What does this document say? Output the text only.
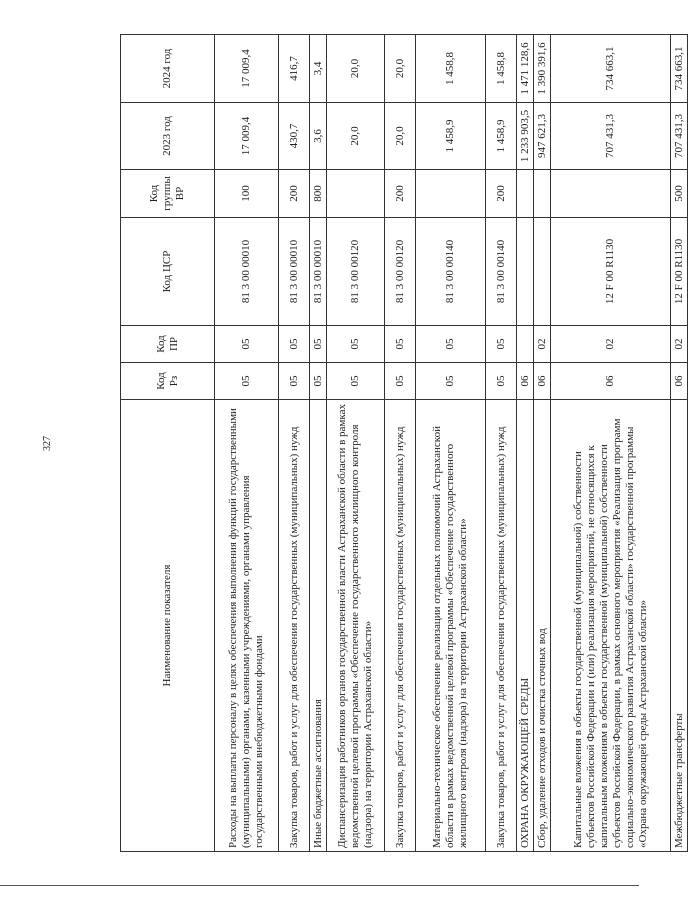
327
Наименование показателя	Код Рз	Код ПР	Код ЦСР	Код группы ВР	2023 год	2024 год
Расходы на выплаты персоналу в целях обеспечения выполнения функций государственными (муниципальными) органами, казенными учреждениями, органами управления государственными внебюджетными фондами	05	05	81 3 00 00010	100	17 009,4	17 009,4
Закупка товаров, работ и услуг для обеспечения государственных (муниципальных) нужд	05	05	81 3 00 00010	200	430,7	416,7
Иные бюджетные ассигнования	05	05	81 3 00 00010	800	3,6	3,4
Диспансеризация работников органов государственной власти Астраханской области в рамках ведомственной целевой программы «Обеспечение государственного жилищного контроля (надзора) на территории Астраханской области»	05	05	81 3 00 00120		20,0	20,0
Закупка товаров, работ и услуг для обеспечения государственных (муниципальных) нужд	05	05	81 3 00 00120	200	20,0	20,0
Материально-техническое обеспечение реализации отдельных полномочий Астраханской области в рамках ведомственной целевой программы «Обеспечение государственного жилищного контроля (надзора) на территории Астраханской области»	05	05	81 3 00 00140		1 458,9	1 458,8
Закупка товаров, работ и услуг для обеспечения государственных (муниципальных) нужд	05	05	81 3 00 00140	200	1 458,9	1 458,8
ОХРАНА ОКРУЖАЮЩЕЙ СРЕДЫ	06				1 233 903,5	1 471 128,6
Сбор, удаление отходов и очистка сточных вод	06	02			947 621,3	1 390 391,6
Капитальные вложения в объекты государственной (муниципальной) собственности субъектов Российской Федерации и (или) реализация мероприятий, не относящихся к капитальным вложениям в объекты государственной (муниципальной) собственности субъектов Российской Федерации, в рамках основного мероприятия «Реализация программ социально-экономического развития Астраханской области» государственной программы «Охрана окружающей среды Астраханской области»	06	02	12 F 00 R1130		707 431,3	734 663,1
Межбюджетные трансферты	06	02	12 F 00 R1130	500	707 431,3	734 663,1
